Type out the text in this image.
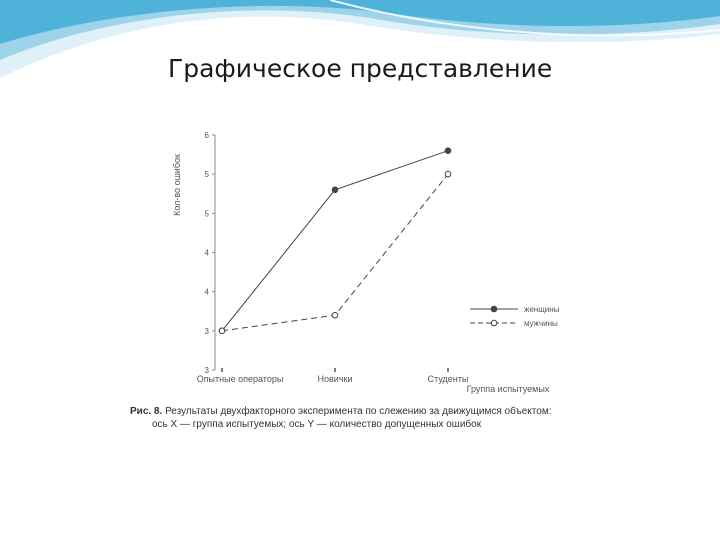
Графическое представление
3
3
4
4
5
5
6
Кол-во ошибок
Опытные операторы	Новички	Студенты
Группа испытуемых
женщины
мужчины
Рис. 8. Результаты двухфакторного эксперимента по слежению за движущимся объектом:
ось X — группа испытуемых; ось Y — количество допущенных ошибок
